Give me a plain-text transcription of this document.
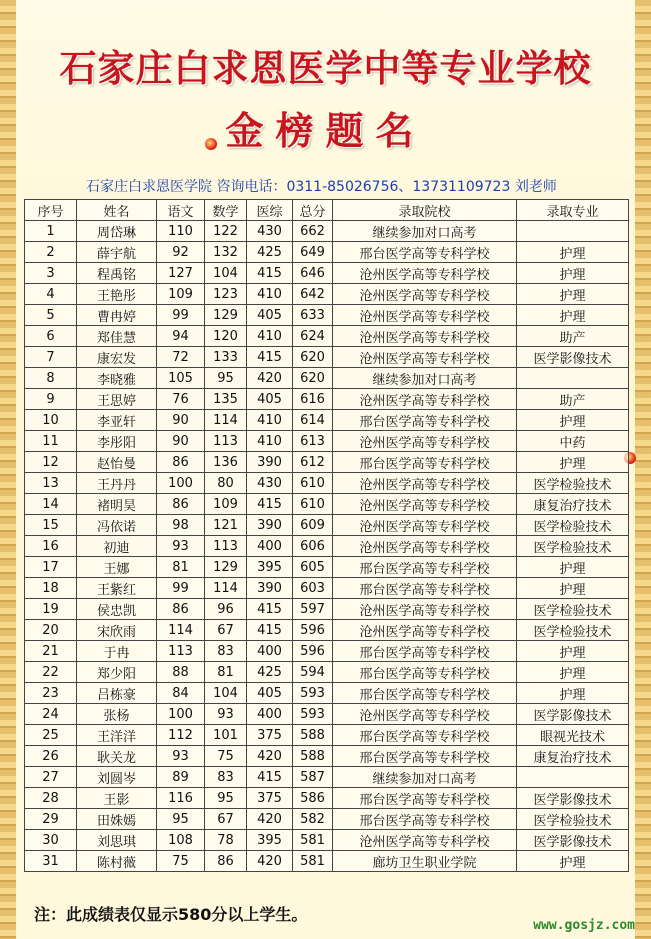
石家庄白求恩医学中等专业学校
金榜题名
石家庄白求恩医学院 咨询电话：0311-85026756、13731109723 刘老师
序号	姓名	语文	数学	医综	总分	录取院校	录取专业
1	周岱琳	110	122	430	662	继续参加对口高考	
2	薛宇航	92	132	425	649	邢台医学高等专科学校	护理
3	程禹铭	127	104	415	646	沧州医学高等专科学校	护理
4	王艳彤	109	123	410	642	沧州医学高等专科学校	护理
5	曹冉婷	99	129	405	633	沧州医学高等专科学校	护理
6	郑佳慧	94	120	410	624	沧州医学高等专科学校	助产
7	康宏发	72	133	415	620	沧州医学高等专科学校	医学影像技术
8	李晓雅	105	95	420	620	继续参加对口高考	
9	王思婷	76	135	405	616	沧州医学高等专科学校	助产
10	李亚轩	90	114	410	614	邢台医学高等专科学校	护理
11	李彤阳	90	113	410	613	沧州医学高等专科学校	中药
12	赵怡曼	86	136	390	612	邢台医学高等专科学校	护理
13	王丹丹	100	80	430	610	沧州医学高等专科学校	医学检验技术
14	褚明昊	86	109	415	610	沧州医学高等专科学校	康复治疗技术
15	冯依诺	98	121	390	609	沧州医学高等专科学校	医学检验技术
16	初迪	93	113	400	606	沧州医学高等专科学校	医学检验技术
17	王娜	81	129	395	605	邢台医学高等专科学校	护理
18	王紫红	99	114	390	603	邢台医学高等专科学校	护理
19	侯忠凯	86	96	415	597	沧州医学高等专科学校	医学检验技术
20	宋欣雨	114	67	415	596	沧州医学高等专科学校	医学检验技术
21	于冉	113	83	400	596	邢台医学高等专科学校	护理
22	郑少阳	88	81	425	594	邢台医学高等专科学校	护理
23	吕栋豪	84	104	405	593	邢台医学高等专科学校	护理
24	张杨	100	93	400	593	沧州医学高等专科学校	医学影像技术
25	王洋洋	112	101	375	588	邢台医学高等专科学校	眼视光技术
26	耿关龙	93	75	420	588	邢台医学高等专科学校	康复治疗技术
27	刘圆岑	89	83	415	587	继续参加对口高考	
28	王影	116	95	375	586	邢台医学高等专科学校	医学影像技术
29	田姝嫣	95	67	420	582	邢台医学高等专科学校	医学检验技术
30	刘思琪	108	78	395	581	沧州医学高等专科学校	医学影像技术
31	陈村薇	75	86	420	581	廊坊卫生职业学院	护理
注：此成绩表仅显示580分以上学生。
www.gosjz.com
